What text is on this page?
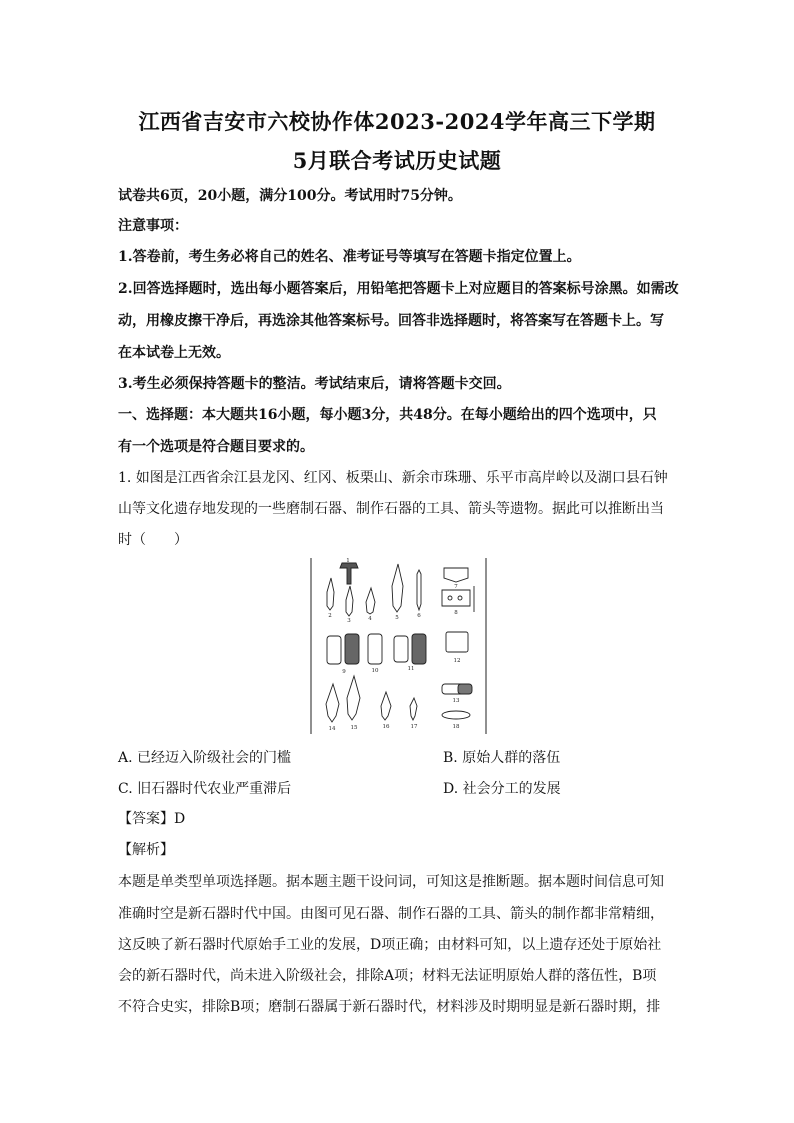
江西省吉安市六校协作体2023-2024学年高三下学期
5月联合考试历史试题
试卷共6页，20小题，满分100分。考试用时75分钟。
注意事项：
1.答卷前，考生务必将自己的姓名、准考证号等填写在答题卡指定位置上。
2.回答选择题时，选出每小题答案后，用铅笔把答题卡上对应题目的答案标号涂黑。如需改
动，用橡皮擦干净后，再选涂其他答案标号。回答非选择题时，将答案写在答题卡上。写
在本试卷上无效。
3.考生必须保持答题卡的整洁。考试结束后，请将答题卡交回。
一、选择题：本大题共16小题，每小题3分，共48分。在每小题给出的四个选项中，只
有一个选项是符合题目要求的。
1. 如图是江西省余江县龙冈、红冈、板栗山、新余市珠珊、乐平市高岸岭以及湖口县石钟
山等文化遗存地发现的一些磨制石器、制作石器的工具、箭头等遗物。据此可以推断出当
时（　　）
1
2
3	4	5	6
7
8
9	10	11
12
13
14	15	16	17	18
A. 已经迈入阶级社会的门槛	B. 原始人群的落伍
C. 旧石器时代农业严重滞后	D. 社会分工的发展
【答案】D
【解析】
本题是单类型单项选择题。据本题主题干设问词，可知这是推断题。据本题时间信息可知
准确时空是新石器时代中国。由图可见石器、制作石器的工具、箭头的制作都非常精细，
这反映了新石器时代原始手工业的发展，D项正确；由材料可知，以上遗存还处于原始社
会的新石器时代，尚未进入阶级社会，排除A项；材料无法证明原始人群的落伍性，B项
不符合史实，排除B项；磨制石器属于新石器时代，材料涉及时期明显是新石器时期，排
